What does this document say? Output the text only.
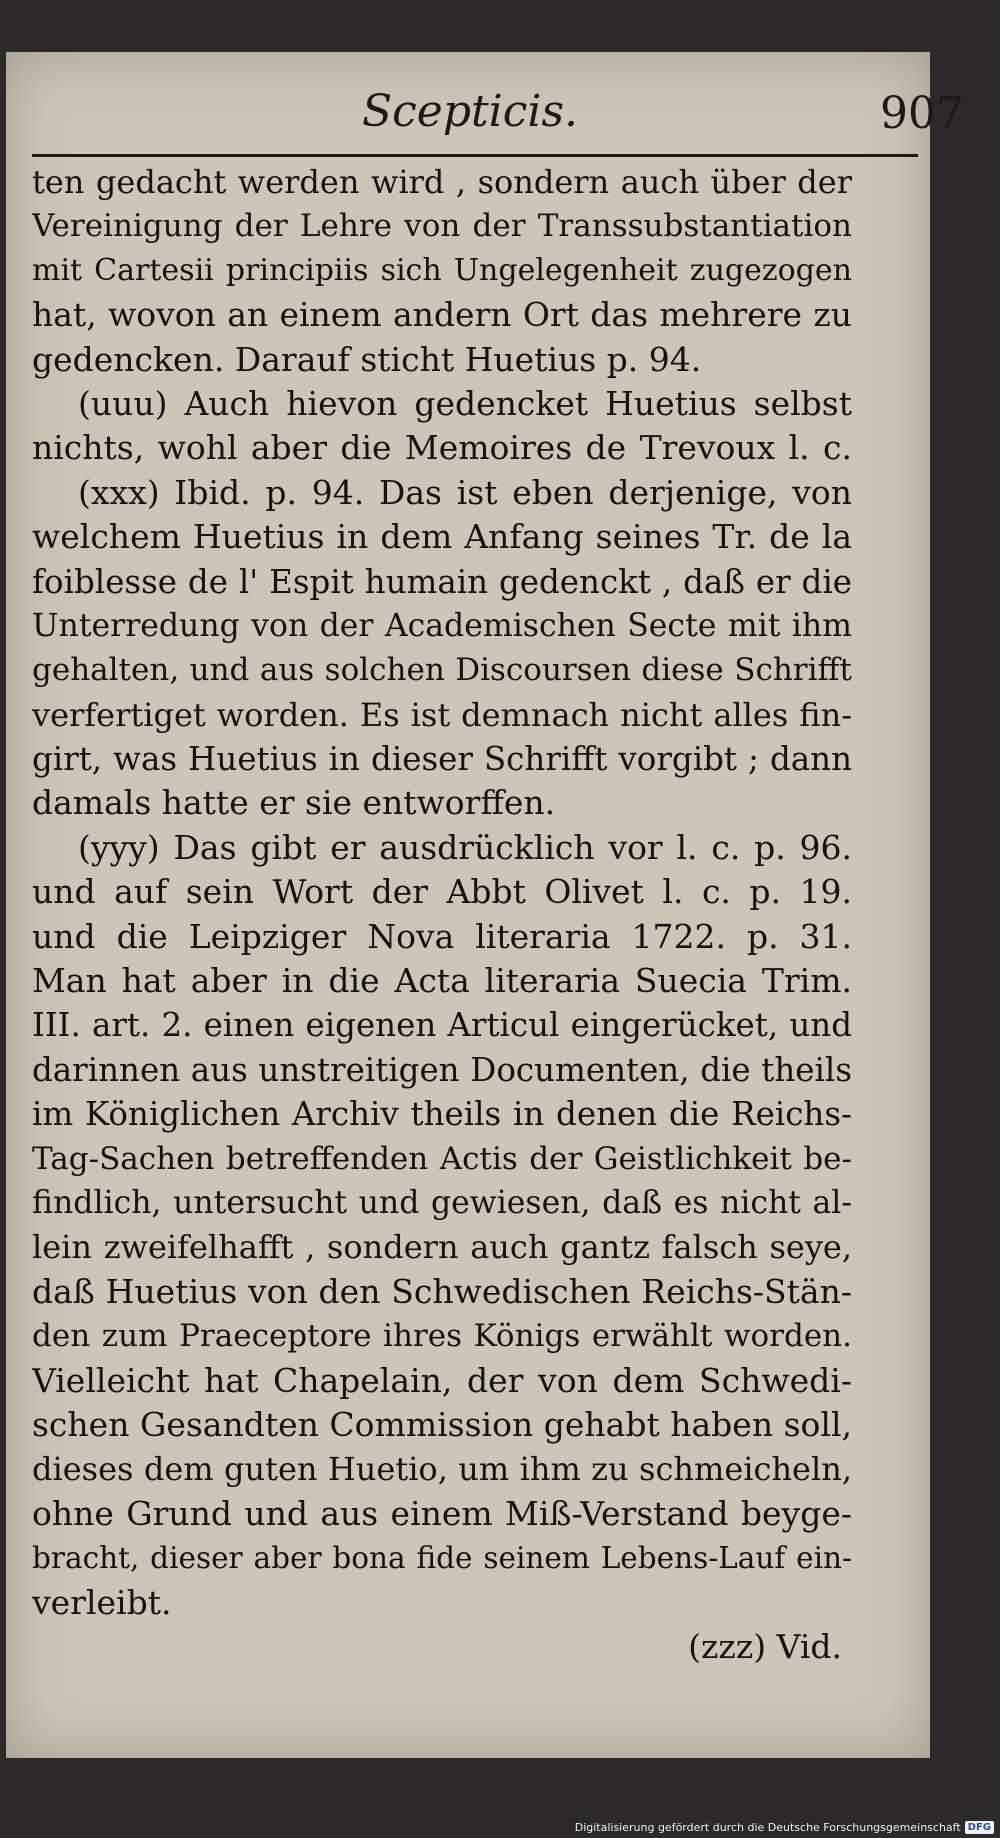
Scepticis.	907
ten gedacht werden wird , sondern auch über der
Vereinigung der Lehre von der Transsubstantiation
mit Cartesii principiis sich Ungelegenheit zugezogen
hat, wovon an einem andern Ort das mehrere zu
gedencken. Darauf sticht Huetius p. 94.
(uuu) Auch hievon gedencket Huetius selbst
nichts, wohl aber die Memoires de Trevoux l. c.
(xxx) Ibid. p. 94. Das ist eben derjenige, von
welchem Huetius in dem Anfang seines Tr. de la
foiblesse de l' Espit humain gedenckt , daß er die
Unterredung von der Academischen Secte mit ihm
gehalten, und aus solchen Discoursen diese Schrifft
verfertiget worden. Es ist demnach nicht alles fin-
girt, was Huetius in dieser Schrifft vorgibt ; dann
damals hatte er sie entworffen.
(yyy) Das gibt er ausdrücklich vor l. c. p. 96.
und auf sein Wort der Abbt Olivet l. c. p. 19.
und die Leipziger Nova literaria 1722. p. 31.
Man hat aber in die Acta literaria Suecia Trim.
III. art. 2. einen eigenen Articul eingerücket, und
darinnen aus unstreitigen Documenten, die theils
im Königlichen Archiv theils in denen die Reichs-
Tag-Sachen betreffenden Actis der Geistlichkeit be-
findlich, untersucht und gewiesen, daß es nicht al-
lein zweifelhafft , sondern auch gantz falsch seye,
daß Huetius von den Schwedischen Reichs-Stän-
den zum Praeceptore ihres Königs erwählt worden.
Vielleicht hat Chapelain, der von dem Schwedi-
schen Gesandten Commission gehabt haben soll,
dieses dem guten Huetio, um ihm zu schmeicheln,
ohne Grund und aus einem Miß-Verstand beyge-
bracht, dieser aber bona fide seinem Lebens-Lauf ein-
verleibt.
(zzz) Vid.
Digitalisierung gefördert durch die Deutsche Forschungsgemeinschaft DFG
